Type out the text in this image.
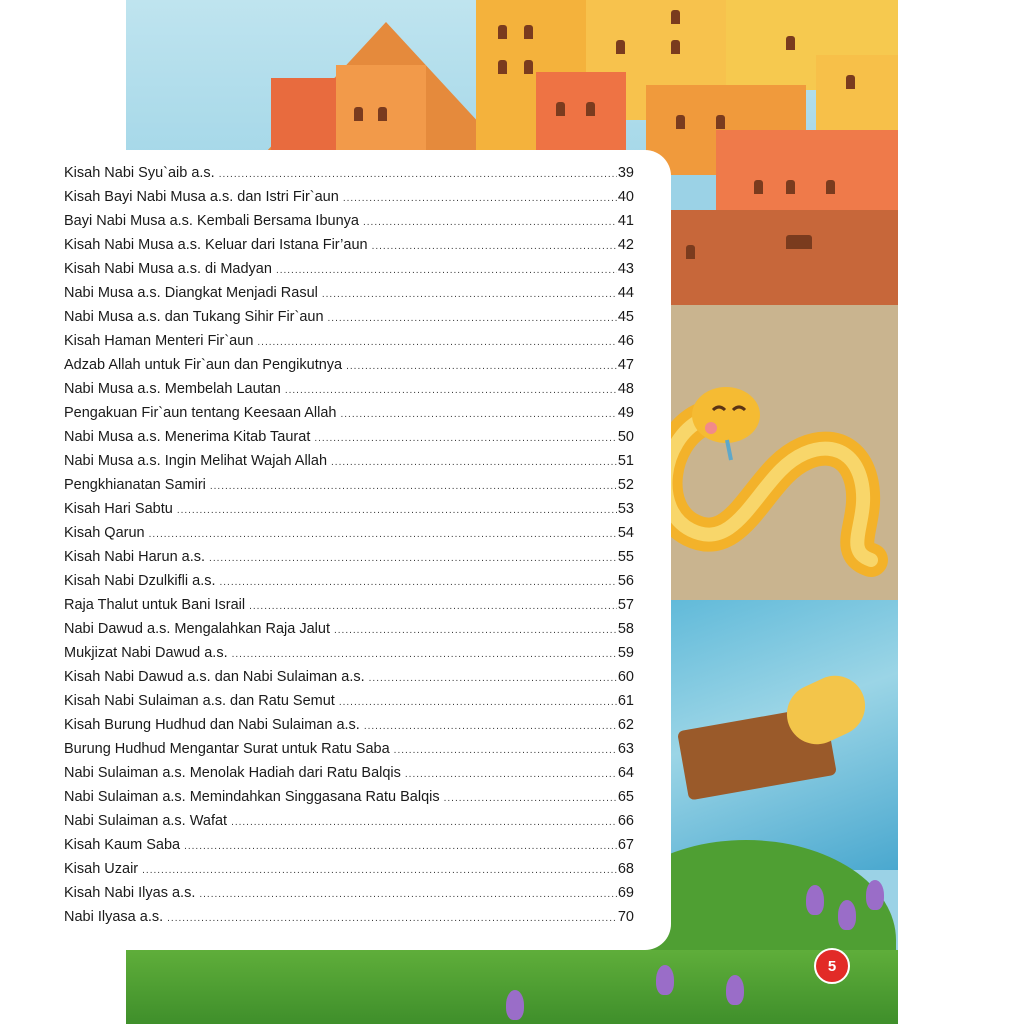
5
Kisah Nabi Syu`aib a.s. .....	39
Kisah Bayi Nabi Musa a.s. dan Istri Fir`aun .....	40
Bayi Nabi Musa a.s. Kembali Bersama Ibunya .....	41
Kisah Nabi Musa a.s. Keluar dari Istana Fir’aun .....	42
Kisah Nabi Musa a.s. di Madyan .....	43
Nabi Musa a.s. Diangkat Menjadi Rasul .....	44
Nabi Musa a.s. dan Tukang Sihir Fir`aun .....	45
Kisah Haman Menteri Fir`aun .....	46
Adzab Allah untuk Fir`aun dan Pengikutnya .....	47
Nabi Musa a.s. Membelah Lautan .....	48
Pengakuan Fir`aun tentang Keesaan Allah .....	49
Nabi Musa a.s. Menerima Kitab Taurat .....	50
Nabi Musa a.s. Ingin Melihat Wajah Allah .....	51
Pengkhianatan Samiri .....	52
Kisah Hari Sabtu .....	53
Kisah Qarun .....	54
Kisah Nabi Harun a.s. .....	55
Kisah Nabi Dzulkifli a.s. .....	56
Raja Thalut untuk Bani Israil .....	57
Nabi Dawud a.s. Mengalahkan Raja Jalut .....	58
Mukjizat Nabi Dawud a.s. .....	59
Kisah Nabi Dawud a.s. dan Nabi Sulaiman a.s. .....	60
Kisah Nabi Sulaiman a.s. dan Ratu Semut .....	61
Kisah Burung Hudhud dan Nabi Sulaiman a.s. .....	62
Burung Hudhud Mengantar Surat untuk Ratu Saba .....	63
Nabi Sulaiman a.s. Menolak Hadiah dari Ratu Balqis .....	64
Nabi Sulaiman a.s. Memindahkan Singgasana Ratu Balqis .....	65
Nabi Sulaiman a.s. Wafat .....	66
Kisah Kaum Saba .....	67
Kisah Uzair .....	68
Kisah Nabi Ilyas a.s. .....	69
Nabi Ilyasa a.s. .....	70
